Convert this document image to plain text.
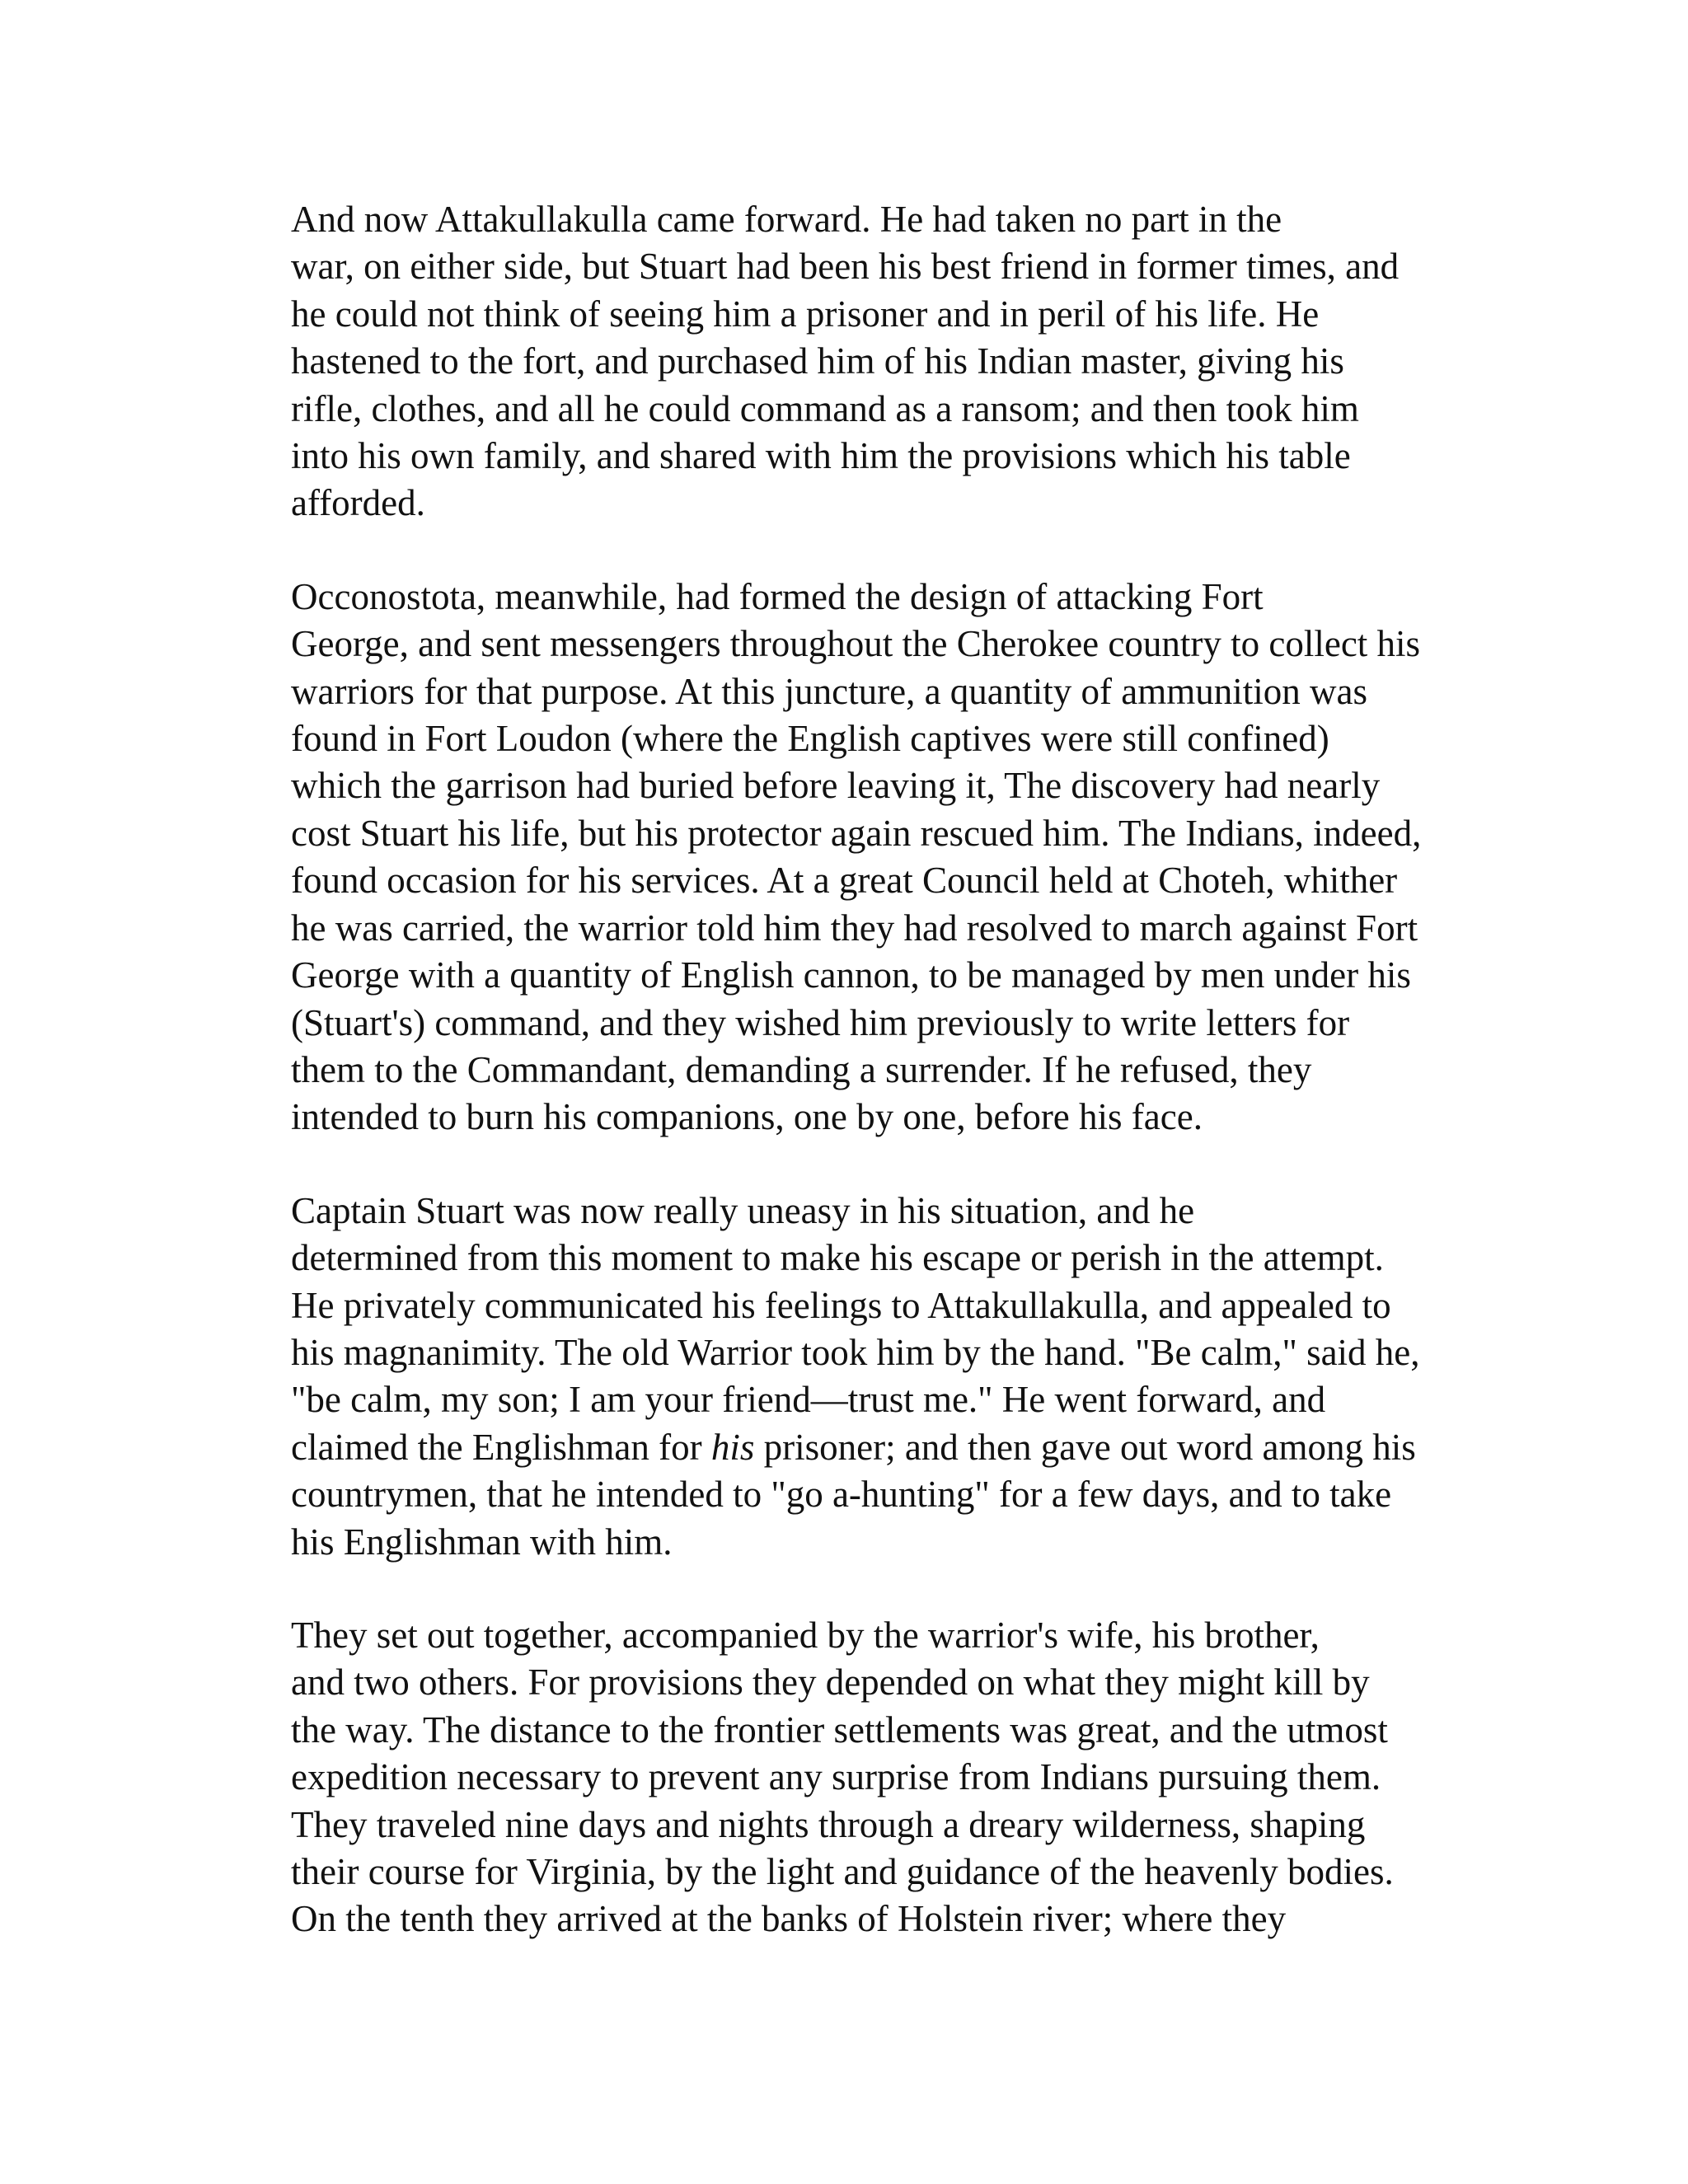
And now Attakullakulla came forward. He had taken no part in the
war, on either side, but Stuart had been his best friend in former times, and
he could not think of seeing him a prisoner and in peril of his life. He
hastened to the fort, and purchased him of his Indian master, giving his
rifle, clothes, and all he could command as a ransom; and then took him
into his own family, and shared with him the provisions which his table
afforded.

Occonostota, meanwhile, had formed the design of attacking Fort
George, and sent messengers throughout the Cherokee country to collect his
warriors for that purpose. At this juncture, a quantity of ammunition was
found in Fort Loudon (where the English captives were still confined)
which the garrison had buried before leaving it, The discovery had nearly
cost Stuart his life, but his protector again rescued him. The Indians, indeed,
found occasion for his services. At a great Council held at Choteh, whither
he was carried, the warrior told him they had resolved to march against Fort
George with a quantity of English cannon, to be managed by men under his
(Stuart's) command, and they wished him previously to write letters for
them to the Commandant, demanding a surrender. If he refused, they
intended to burn his companions, one by one, before his face.

Captain Stuart was now really uneasy in his situation, and he
determined from this moment to make his escape or perish in the attempt.
He privately communicated his feelings to Attakullakulla, and appealed to
his magnanimity. The old Warrior took him by the hand. "Be calm," said he,
"be calm, my son; I am your friend—trust me." He went forward, and
claimed the Englishman for his prisoner; and then gave out word among his
countrymen, that he intended to "go a-hunting" for a few days, and to take
his Englishman with him.

They set out together, accompanied by the warrior's wife, his brother,
and two others. For provisions they depended on what they might kill by
the way. The distance to the frontier settlements was great, and the utmost
expedition necessary to prevent any surprise from Indians pursuing them.
They traveled nine days and nights through a dreary wilderness, shaping
their course for Virginia, by the light and guidance of the heavenly bodies.
On the tenth they arrived at the banks of Holstein river; where they
